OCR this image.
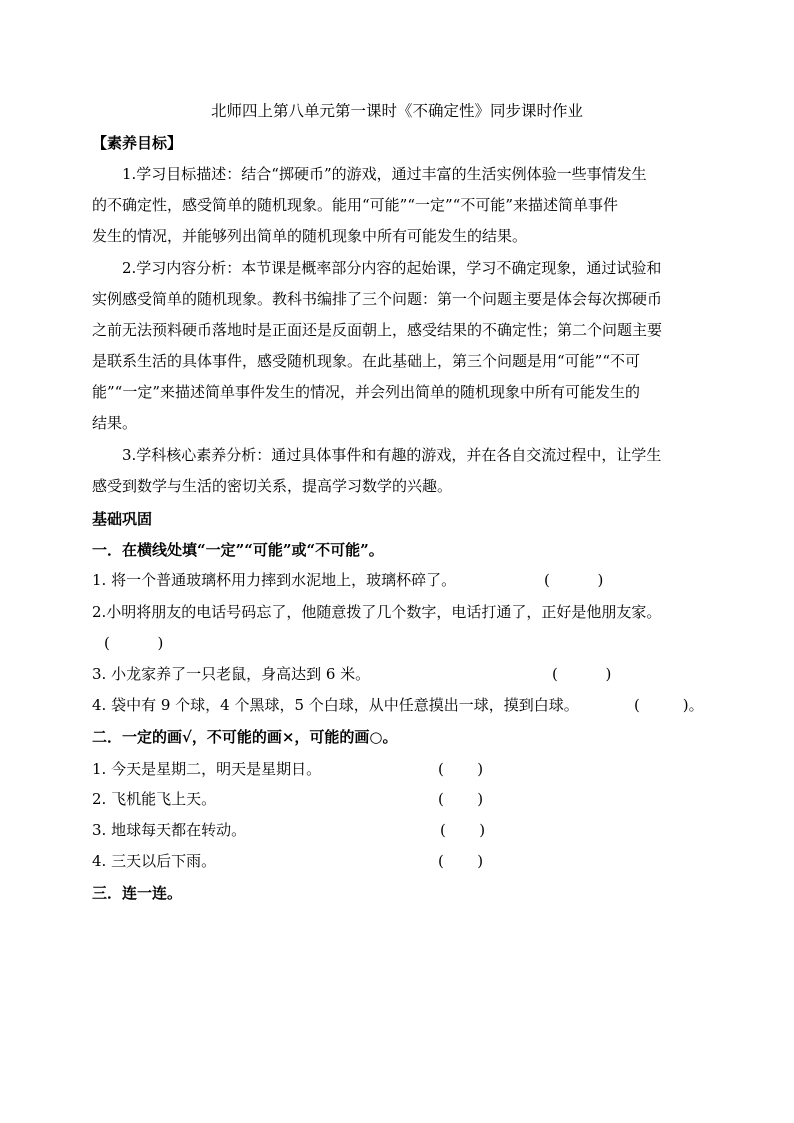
北师四上第八单元第一课时《不确定性》同步课时作业
【素养目标】
1.学习目标描述：结合“掷硬币”的游戏，通过丰富的生活实例体验一些事情发生
的不确定性，感受简单的随机现象。能用“可能”“一定”“不可能”来描述简单事件
发生的情况，并能够列出简单的随机现象中所有可能发生的结果。
2.学习内容分析：本节课是概率部分内容的起始课，学习不确定现象，通过试验和
实例感受简单的随机现象。教科书编排了三个问题：第一个问题主要是体会每次掷硬币
之前无法预料硬币落地时是正面还是反面朝上，感受结果的不确定性；第二个问题主要
是联系生活的具体事件，感受随机现象。在此基础上，第三个问题是用“可能”“不可
能”“一定”来描述简单事件发生的情况，并会列出简单的随机现象中所有可能发生的
结果。
3.学科核心素养分析：通过具体事件和有趣的游戏，并在各自交流过程中，让学生
感受到数学与生活的密切关系，提高学习数学的兴趣。
基础巩固
一．在横线处填“一定”“可能”或“不可能”。
1. 将一个普通玻璃杯用力摔到水泥地上，玻璃杯碎了。	(          )
2.小明将朋友的电话号码忘了，他随意拨了几个数字，电话打通了，正好是他朋友家。
(          )
3. 小龙家养了一只老鼠，身高达到 6 米。	(          )
4. 袋中有 9 个球，4 个黑球，5 个白球，从中任意摸出一球，摸到白球。	(         )。
二．一定的画√，不可能的画×，可能的画○。
1. 今天是星期二，明天是星期日。	(       )
2. 飞机能飞上天。	(       )
3. 地球每天都在转动。	(       )
4. 三天以后下雨。	(       )
三．连一连。
